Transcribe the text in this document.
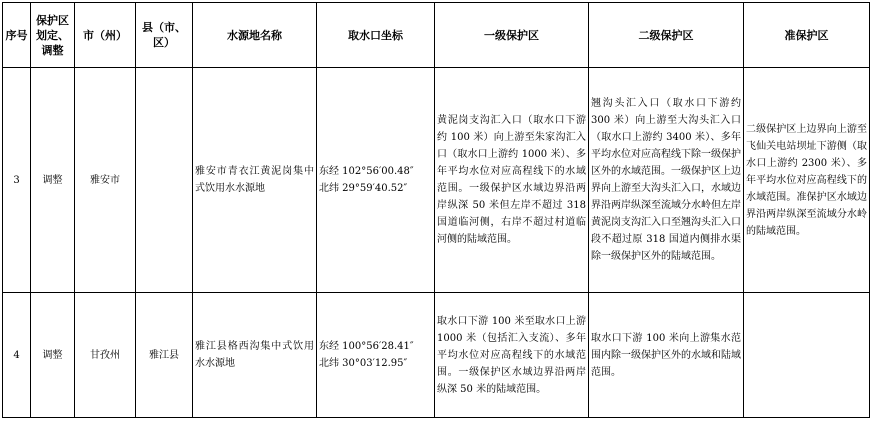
序号	保护区划定、调整	市（州）	县（市、区）	水源地名称	取水口坐标	一级保护区	二级保护区	准保护区
3	调整	雅安市		雅安市青衣江黄泥岗集中式饮用水水源地	东经 102°56′00.48″
北纬 29°59′40.52″	黄泥岗支沟汇入口（取水口下游约 100 米）向上游至朱家沟汇入口（取水口上游约 1000 米）、多年平均水位对应高程线下的水域范围。一级保护区水域边界沿两岸纵深 50 米但左岸不超过 318 国道临河侧，右岸不超过村道临河侧的陆域范围。	翘沟头汇入口（取水口下游约 300 米）向上游至大沟头汇入口（取水口上游约 3400 米）、多年平均水位对应高程线下除一级保护区外的水域范围。一级保护区上边界向上游至大沟头汇入口，水域边界沿两岸纵深至流域分水岭但左岸黄泥岗支沟汇入口至翘沟头汇入口段不超过原 318 国道内侧排水渠除一级保护区外的陆域范围。	二级保护区上边界向上游至飞仙关电站坝址下游侧（取水口上游约 2300 米）、多年平均水位对应高程线下的水域范围。准保护区水域边界沿两岸纵深至流域分水岭的陆域范围。
4	调整	甘孜州	雅江县	雅江县格西沟集中式饮用水水源地	东经 100°56′28.41″
北纬 30°03′12.95″	取水口下游 100 米至取水口上游 1000 米（包括汇入支流）、多年平均水位对应高程线下的水域范围。一级保护区水域边界沿两岸纵深 50 米的陆域范围。	取水口下游 100 米向上游集水范围内除一级保护区外的水域和陆域范围。	
